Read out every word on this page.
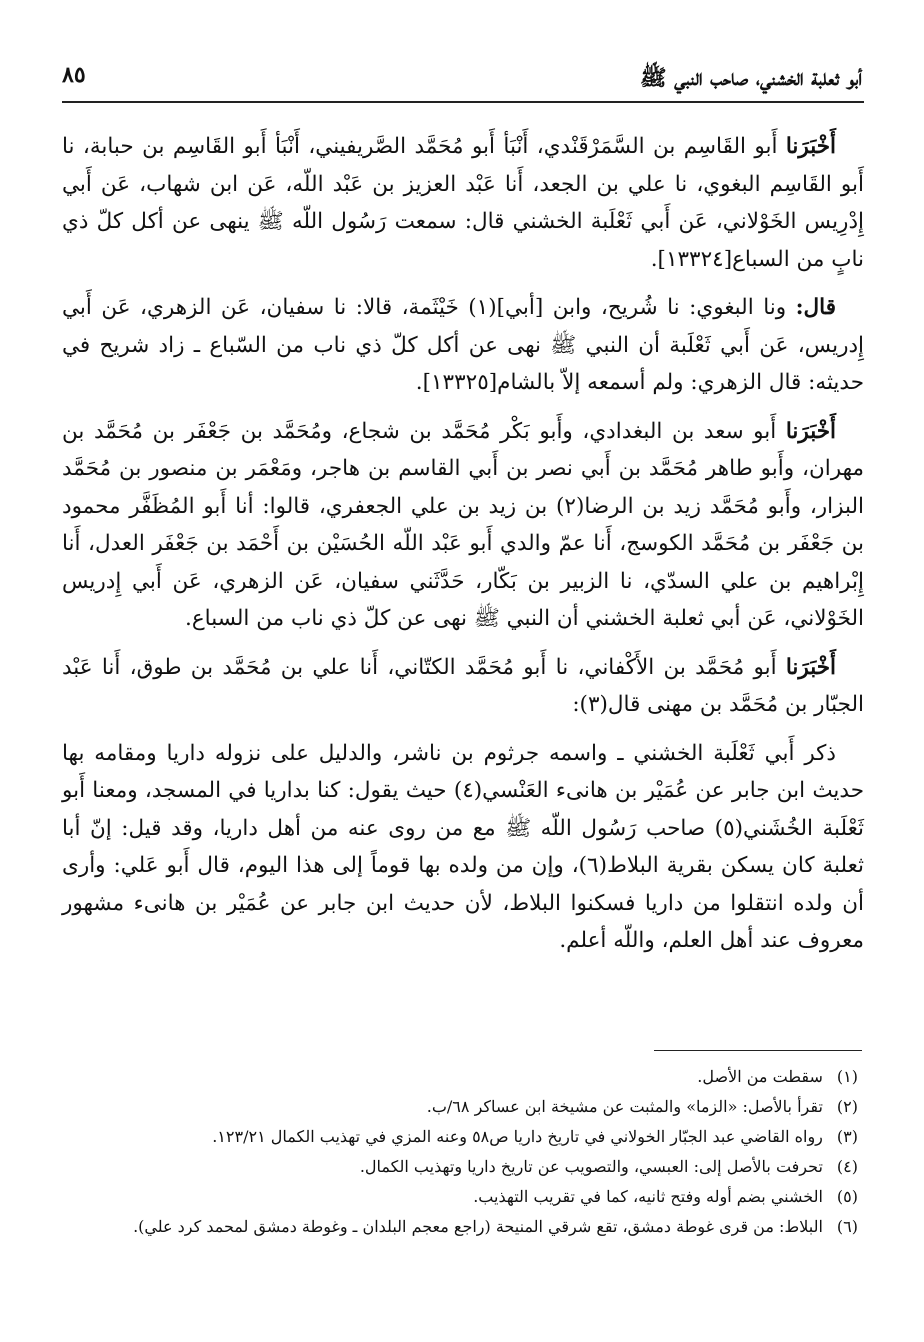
أبو ثعلبة الخشني، صاحب النبي ﷺ
٨٥

أَخْبَرَنا أَبو القَاسِم بن السَّمَرْقَنْدي، أَنْبَأ أَبو مُحَمَّد الصَّريفيني، أَنْبَأ أَبو القَاسِم بن حبابة، نا أَبو القَاسِم البغوي، نا علي بن الجعد، أَنا عَبْد العزيز بن عَبْد اللّه، عَن ابن شهاب، عَن أَبي إِدْرِيس الخَوْلاني، عَن أَبي ثَعْلَبة الخشني قال: سمعت رَسُول اللّه ﷺ ينهى عن أكل كلّ ذي نابٍ من السباع[١٣٣٢٤].

قال: ونا البغوي: نا شُريح، وابن [أبي](١) خَيْثَمة، قالا: نا سفيان، عَن الزهري، عَن أَبي إِدريس، عَن أَبي ثَعْلَبة أن النبي ﷺ نهى عن أكل كلّ ذي ناب من السّباع ـ زاد شريح في حديثه: قال الزهري: ولم أسمعه إلاّ بالشام[١٣٣٢٥].

أَخْبَرَنا أَبو سعد بن البغدادي، وأَبو بَكْر مُحَمَّد بن شجاع، ومُحَمَّد بن جَعْفَر بن مُحَمَّد بن مهران، وأَبو طاهر مُحَمَّد بن أَبي نصر بن أَبي القاسم بن هاجر، ومَعْمَر بن منصور بن مُحَمَّد البزار، وأَبو مُحَمَّد زيد بن الرضا(٢) بن زيد بن علي الجعفري، قالوا: أنا أَبو المُظَفَّر محمود بن جَعْفَر بن مُحَمَّد الكوسج، أَنا عمّ والدي أَبو عَبْد اللّه الحُسَيْن بن أَحْمَد بن جَعْفَر العدل، أَنا إِبْراهيم بن علي السدّي، نا الزبير بن بَكّار، حَدَّثَني سفيان، عَن الزهري، عَن أَبي إِدريس الخَوْلاني، عَن أبي ثعلبة الخشني أن النبي ﷺ نهى عن كلّ ذي ناب من السباع.

أَخْبَرَنا أَبو مُحَمَّد بن الأَكْفاني، نا أَبو مُحَمَّد الكتّاني، أَنا علي بن مُحَمَّد بن طوق، أَنا عَبْد الجبّار بن مُحَمَّد بن مهنى قال(٣):

ذكر أَبي ثَعْلَبة الخشني ـ واسمه جرثوم بن ناشر، والدليل على نزوله داريا ومقامه بها حديث ابن جابر عن عُمَيْر بن هانىء العَنْسي(٤) حيث يقول: كنا بداريا في المسجد، ومعنا أَبو ثَعْلَبة الخُشَني(٥) صاحب رَسُول اللّه ﷺ مع من روى عنه من أهل داريا، وقد قيل: إنّ أبا ثعلبة كان يسكن بقرية البلاط(٦)، وإن من ولده بها قوماً إلى هذا اليوم، قال أَبو عَلي: وأرى أن ولده انتقلوا من داريا فسكنوا البلاط، لأن حديث ابن جابر عن عُمَيْر بن هانىء مشهور معروف عند أهل العلم، واللّه أعلم.

(١) سقطت من الأصل.

(٢) تقرأ بالأصل: «الزما» والمثبت عن مشيخة ابن عساكر ٦٨/ب.

(٣) رواه القاضي عبد الجبّار الخولاني في تاريخ داريا ص٥٨ وعنه المزي في تهذيب الكمال ١٢٣/٢١.

(٤) تحرفت بالأصل إلى: العبسي، والتصويب عن تاريخ داريا وتهذيب الكمال.

(٥) الخشني بضم أوله وفتح ثانيه، كما في تقريب التهذيب.

(٦) البلاط: من قرى غوطة دمشق، تقع شرقي المنيحة (راجع معجم البلدان ـ وغوطة دمشق لمحمد كرد علي).
